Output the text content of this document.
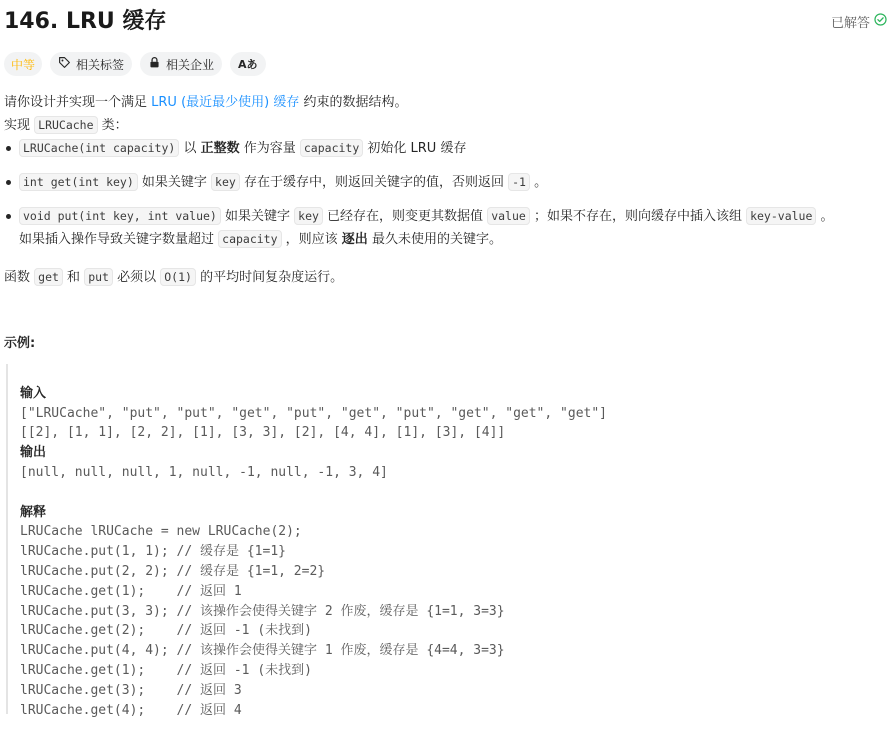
146. LRU 缓存	已解答
中等	相关标签	相关企业 Aあ

请你设计并实现一个满足 LRU (最近最少使用) 缓存 约束的数据结构。

实现 LRUCache 类：

LRUCache(int capacity) 以 正整数 作为容量 capacity 初始化 LRU 缓存
int get(int key) 如果关键字 key 存在于缓存中，则返回关键字的值，否则返回 -1 。
void put(int key, int value) 如果关键字 key 已经存在，则变更其数据值 value ；如果不存在，则向缓存中插入该组 key-value 。
如果插入操作导致关键字数量超过 capacity ，则应该 逐出 最久未使用的关键字。

函数 get 和 put 必须以 O(1) 的平均时间复杂度运行。

示例:

输入
["LRUCache", "put", "put", "get", "put", "get", "put", "get", "get", "get"]
[[2], [1, 1], [2, 2], [1], [3, 3], [2], [4, 4], [1], [3], [4]]
输出
[null, null, null, 1, null, -1, null, -1, 3, 4]

解释
LRUCache lRUCache = new LRUCache(2);
lRUCache.put(1, 1); // 缓存是 {1=1}
lRUCache.put(2, 2); // 缓存是 {1=1, 2=2}
lRUCache.get(1);    // 返回 1
lRUCache.put(3, 3); // 该操作会使得关键字 2 作废，缓存是 {1=1, 3=3}
lRUCache.get(2);    // 返回 -1 (未找到)
lRUCache.put(4, 4); // 该操作会使得关键字 1 作废，缓存是 {4=4, 3=3}
lRUCache.get(1);    // 返回 -1 (未找到)
lRUCache.get(3);    // 返回 3
lRUCache.get(4);    // 返回 4
